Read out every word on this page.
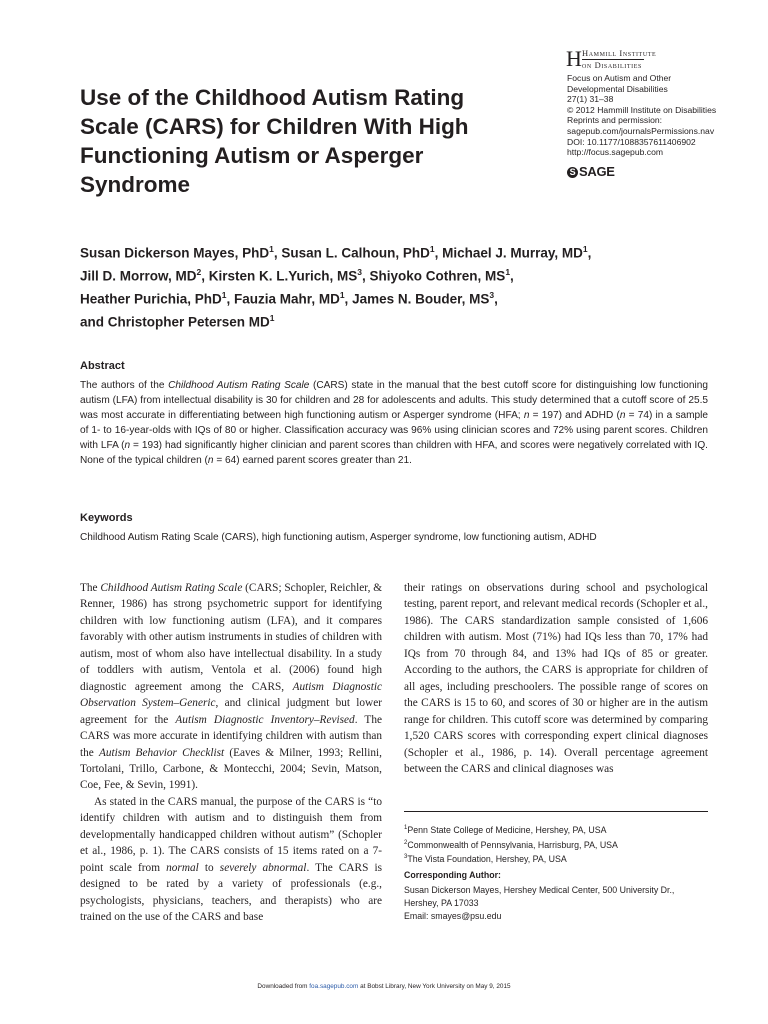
H Hammill Institute
on Disabilities
Focus on Autism and Other
Developmental Disabilities
27(1) 31–38
© 2012 Hammill Institute on Disabilities
Reprints and permission:
sagepub.com/journalsPermissions.nav
DOI: 10.1177/1088357611406902
http://focus.sagepub.com
S SAGE
Use of the Childhood Autism Rating
Scale (CARS) for Children With High
Functioning Autism or Asperger
Syndrome
Susan Dickerson Mayes, PhD$^1$, Susan L. Calhoun, PhD$^1$, Michael J. Murray, $MD^1$,
Jill D. Morrow, $MD^2$, Kirsten K. L.Yurich, $MS^3$, Shiyoko Cothren, $MS^1$,
Heather Purichia, PhD$^1$, Fauzia Mahr, $MD^1$, James N. Bouder, $MS^3$,
and Christopher Petersen $MD^1$
Abstract
The authors of the Childhood Autism Rating Scale (CARS) state in the manual that the best cutoff score for distinguishing low functioning autism (LFA) from intellectual disability is 30 for children and 28 for adolescents and adults. This study determined that a cutoff score of 25.5 was most accurate in differentiating between high functioning autism or Asperger syndrome (HFA; n = 197) and ADHD (n = 74) in a sample of 1- to 16-year-olds with IQs of 80 or higher. Classification accuracy was 96% using clinician scores and 72% using parent scores. Children with LFA (n = 193) had significantly higher clinician and parent scores than children with HFA, and scores were negatively correlated with IQ. None of the typical children (n = 64) earned parent scores greater than 21.
Keywords
Childhood Autism Rating Scale (CARS), high functioning autism, Asperger syndrome, low functioning autism, ADHD

The Childhood Autism Rating Scale (CARS; Schopler, Reichler, & Renner, 1986) has strong psychometric support for identifying children with low functioning autism (LFA), and it compares favorably with other autism instruments in studies of children with autism, most of whom also have intellectual disability. In a study of toddlers with autism, Ventola et al. (2006) found high diagnostic agreement among the CARS, Autism Diagnostic Observation System–Generic, and clinical judgment but lower agreement for the Autism Diagnostic Inventory–Revised. The CARS was more accurate in identifying children with autism than the Autism Behavior Checklist (Eaves & Milner, 1993; Rellini, Tortolani, Trillo, Carbone, & Montecchi, 2004; Sevin, Matson, Coe, Fee, & Sevin, 1991).

As stated in the CARS manual, the purpose of the CARS is “to identify children with autism and to distinguish them from developmentally handicapped children without autism” (Schopler et al., 1986, p. 1). The CARS consists of 15 items rated on a 7-point scale from normal to severely abnormal. The CARS is designed to be rated by a variety of professionals (e.g., psychologists, physicians, teachers, and therapists) who are trained on the use of the CARS and base

their ratings on observations during school and psychological testing, parent report, and relevant medical records (Schopler et al., 1986). The CARS standardization sample consisted of 1,606 children with autism. Most (71%) had IQs less than 70, 17% had IQs from 70 through 84, and 13% had IQs of 85 or greater. According to the authors, the CARS is appropriate for children of all ages, including preschoolers. The possible range of scores on the CARS is 15 to 60, and scores of 30 or higher are in the autism range for children. This cutoff score was determined by comparing 1,520 CARS scores with corresponding expert clinical diagnoses (Schopler et al., 1986, p. 14). Overall percentage agreement between the CARS and clinical diagnoses was

$^1$Penn State College of Medicine, Hershey, PA, USA
$^2$Commonwealth of Pennsylvania, Harrisburg, PA, USA
$^3$The Vista Foundation, Hershey, PA, USA
Corresponding Author:
Susan Dickerson Mayes, Hershey Medical Center, 500 University Dr.,
Hershey, PA 17033
Email: smayes@psu.edu
Downloaded from foa.sagepub.com at Bobst Library, New York University on May 9, 2015
